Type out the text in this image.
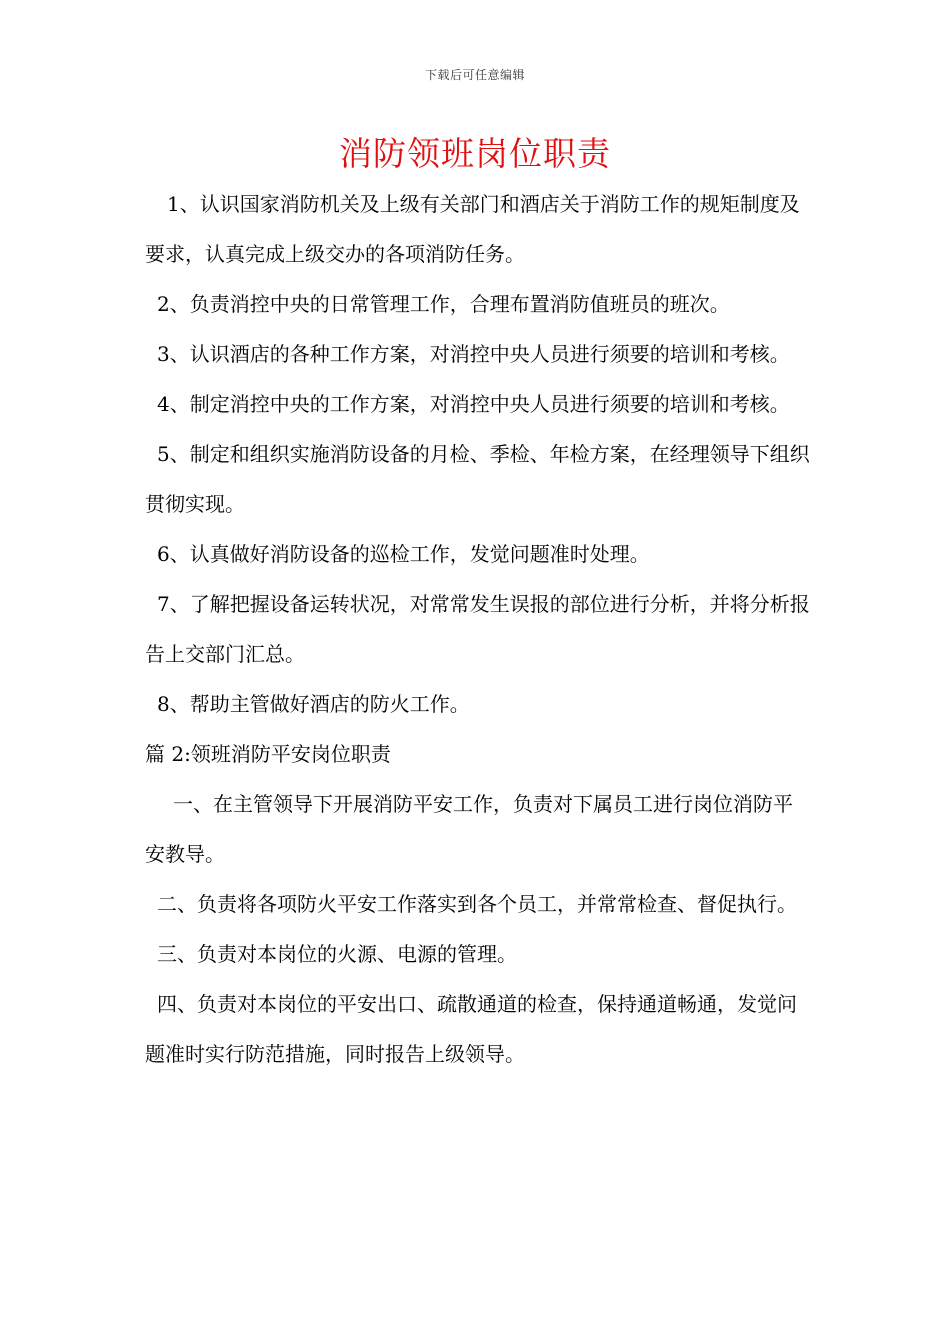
下载后可任意编辑
消防领班岗位职责

1、认识国家消防机关及上级有关部门和酒店关于消防工作的规矩制度及要求，认真完成上级交办的各项消防任务。

2、负责消控中央的日常管理工作，合理布置消防值班员的班次。

3、认识酒店的各种工作方案，对消控中央人员进行须要的培训和考核。

4、制定消控中央的工作方案，对消控中央人员进行须要的培训和考核。

5、制定和组织实施消防设备的月检、季检、年检方案，在经理领导下组织贯彻实现。

6、认真做好消防设备的巡检工作，发觉问题准时处理。

7、了解把握设备运转状况，对常常发生误报的部位进行分析，并将分析报告上交部门汇总。

8、帮助主管做好酒店的防火工作。

篇 2:领班消防平安岗位职责

一、在主管领导下开展消防平安工作，负责对下属员工进行岗位消防平安教导。

二、负责将各项防火平安工作落实到各个员工，并常常检查、督促执行。

三、负责对本岗位的火源、电源的管理。

四、负责对本岗位的平安出口、疏散通道的检查，保持通道畅通，发觉问题准时实行防范措施，同时报告上级领导。
